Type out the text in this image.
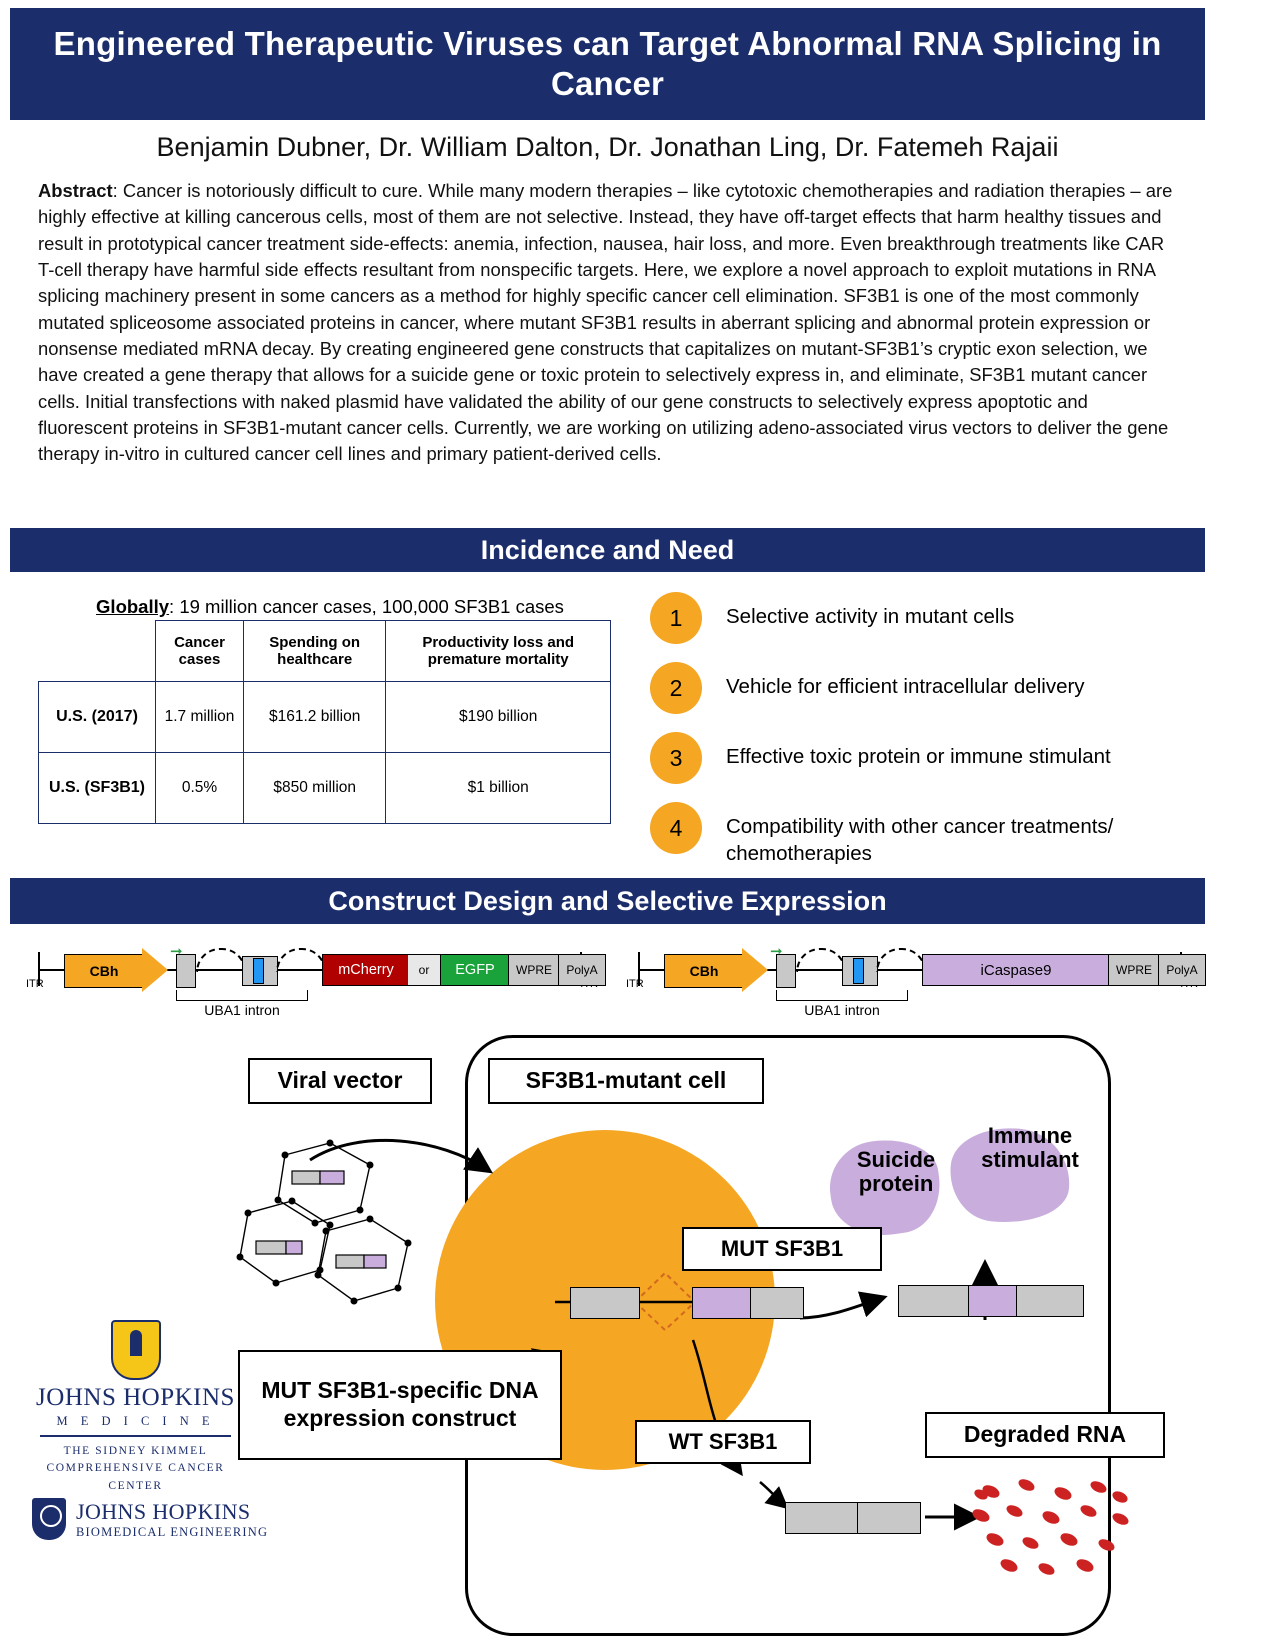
Engineered Therapeutic Viruses can Target Abnormal RNA Splicing in Cancer
Benjamin Dubner, Dr. William Dalton, Dr. Jonathan Ling, Dr. Fatemeh Rajaii
Abstract: Cancer is notoriously difficult to cure. While many modern therapies – like cytotoxic chemotherapies and radiation therapies – are highly effective at killing cancerous cells, most of them are not selective. Instead, they have off-target effects that harm healthy tissues and result in prototypical cancer treatment side-effects: anemia, infection, nausea, hair loss, and more. Even breakthrough treatments like CAR T-cell therapy have harmful side effects resultant from nonspecific targets. Here, we explore a novel approach to exploit mutations in RNA splicing machinery present in some cancers as a method for highly specific cancer cell elimination. SF3B1 is one of the most commonly mutated spliceosome associated proteins in cancer, where mutant SF3B1 results in aberrant splicing and abnormal protein expression or nonsense mediated mRNA decay. By creating engineered gene constructs that capitalizes on mutant-SF3B1’s cryptic exon selection, we have created a gene therapy that allows for a suicide gene or toxic protein to selectively express in, and eliminate, SF3B1 mutant cancer cells. Initial transfections with naked plasmid have validated the ability of our gene constructs to selectively express apoptotic and fluorescent proteins in SF3B1-mutant cancer cells. Currently, we are working on utilizing adeno-associated virus vectors to deliver the gene therapy in-vitro in cultured cancer cell lines and primary patient-derived cells.
Incidence and Need
Globally: 19 million cancer cases, 100,000 SF3B1 cases
	Cancer cases	Spending on healthcare	Productivity loss and premature mortality
U.S. (2017)	1.7 million	$161.2 billion	$190 billion
U.S. (SF3B1)	0.5%	$850 million	$1 billion
1	Selective activity in mutant cells
2	Vehicle for efficient intracellular delivery
3	Effective toxic protein or immune stimulant
4	Compatibility with other cancer treatments/ chemotherapies
Construct Design and Selective Expression
ITR
CBh
➞
UBA1 intron
mCherry	or	EGFP	WPRE	PolyA
ITR
CBh
➞
UBA1 intron
iCaspase9	WPRE	PolyA
Viral vector	SF3B1-mutant cell
MUT SF3B1-specific DNA expression construct
MUT SF3B1
WT SF3B1	Degraded RNA
Suicide protein
Immune stimulant
JOHNS HOPKINS
M E D I C I N E
THE SIDNEY KIMMEL
COMPREHENSIVE CANCER
CENTER
JOHNS HOPKINS
BIOMEDICAL ENGINEERING
